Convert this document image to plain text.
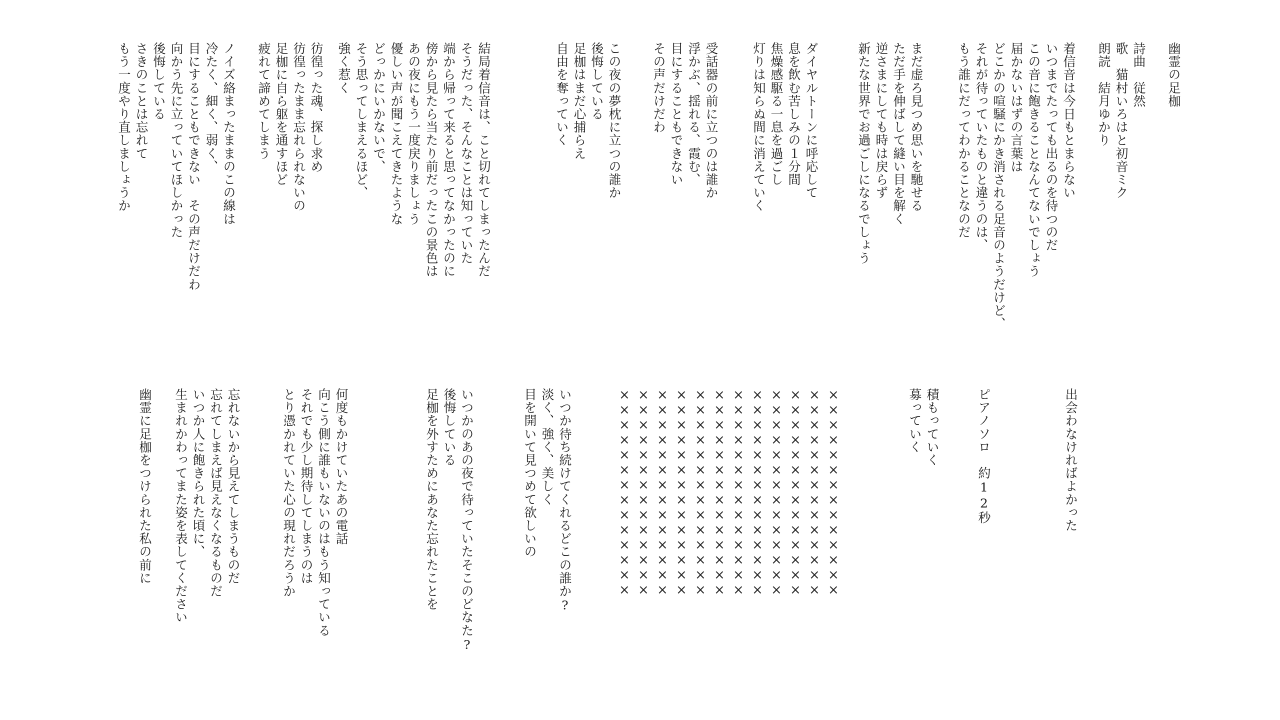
幽霊の足枷
詩曲　従然
歌　猫村いろはと初音ミク
朗読　結月ゆかり
着信音は今日もとまらない
いつまでたっても出るのを待つのだ
この音に飽きることなんてないでしょう
届かないはずの言葉は
どこかの喧騒にかき消される足音のようだけど、
それが待っていたものと違うのは、
もう誰にだってわかることなのだ
まだ虚ろ見つめ思いを馳せる
ただ手を伸ばして縫い目を解く
逆さまにしても時は戻らず
新たな世界でお過ごしになるでしょう
ダイヤルトーンに呼応して
息を飲む苦しみの１分間
焦燥感駆る一息を過ごし
灯りは知らぬ間に消えていく
受話器の前に立つのは誰か
浮かぶ、揺れる、霞む、
目にすることもできない
その声だけだわ
この夜の夢枕に立つの誰か
後悔している
足枷はまだ心捕らえ
自由を奪っていく
結局着信音は、こと切れてしまったんだ
そうだった、そんなことは知っていた
端から帰って来ると思ってなかったのに
傍から見たら当たり前だったこの景色は
あの夜にもう一度戻りましょう
優しい声が聞こえてきたような
どっかにいかないで、
そう思ってしまえるほど、
強く惹く
彷徨った魂、探し求め
彷徨ったまま忘れられないの
足枷に自ら躯を通すほど
疲れて諦めてしまう
ノイズ絡まったままのこの線は
冷たく、細く、弱く、
目にすることもできない　その声だけだわ
向かう先に立っていてほしかった
後悔している
さきのことは忘れて
もう一度やり直しましょうか
出会わなければよかった
ピアノソロ　約12秒
積もっていく
募っていく
××××××××××××××
××××××××××××××
××××××××××××××
××××××××××××××
××××××××××××××
××××××××××××××
××××××××××××××
××××××××××××××
××××××××××××××
××××××××××××××
××××××××××××××
××××××××××××××
いつか待ち続けてくれるどこの誰か?
淡く、強く、美しく
目を開いて見つめて欲しいの
いつかのあの夜で待っていたそこのどなた?
後悔している
足枷を外すためにあなた忘れたことを
何度もかけていたあの電話
向こう側に誰もいないのはもう知っている
それでも少し期待してしまうのは
とり憑かれていた心の現れだろうか
忘れないから見えてしまうものだ
忘れてしまえば見えなくなるものだ
いつか人に飽きられた頃に、
生まれかわってまた姿を表してください
幽霊に足枷をつけられた私の前に
